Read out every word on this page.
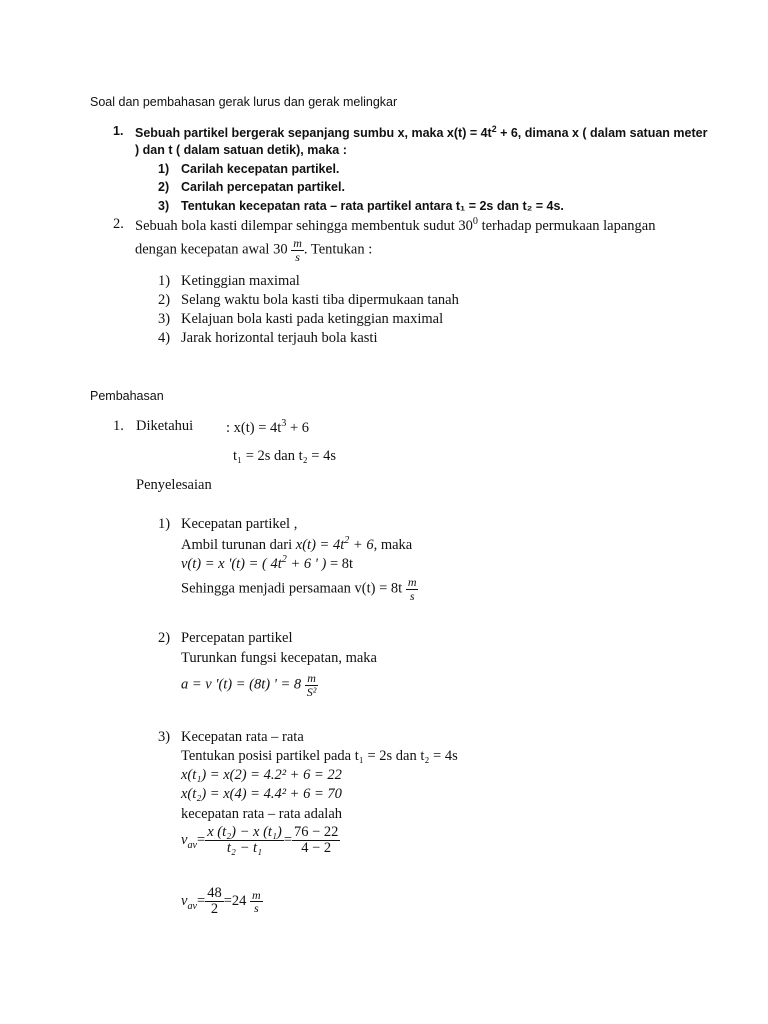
Soal dan pembahasan gerak lurus dan gerak melingkar
1. Sebuah partikel bergerak sepanjang sumbu x, maka $x(t) = 4t^2 + 6$, dimana x ( dalam satuan meter
) dan t ( dalam satuan detik), maka :
1) Carilah kecepatan partikel.
2) Carilah percepatan partikel.
3) Tentukan kecepatan rata – rata partikel antara t₁ = 2s dan t₂ = 4s.
2. Sebuah bola kasti dilempar sehingga membentuk sudut $30^0$ terhadap permukaan lapangan
dengan kecepatan awal $30 \frac{m}{s}$ . Tentukan :
1) Ketinggian maximal
2) Selang waktu bola kasti tiba dipermukaan tanah
3) Kelajuan bola kasti pada ketinggian maximal
4) Jarak horizontal terjauh bola kasti
Pembahasan
1. Diketahui : $x(t) = 4t^3 + 6$
t₁ = 2s dan t₂ = 4s
Penyelesaian
1) Kecepatan partikel ,
Ambil turunan dari $x(t) = 4t^2 + 6$, maka
v(t) = x '(t) = ( $4t^2 + 6$ ' ) = 8t
Sehingga menjadi persamaan $v(t) = 8t \frac{m}{s}$
2) Percepatan partikel
Turunkan fungsi kecepatan, maka
a = v '(t) = (8t) ' = $8 \frac{m}{\text{S²}}$
3) Kecepatan rata – rata
Tentukan posisi partikel pada t₁ = 2s dan t₂ = 4s
x(t₁) = x(2) = 4.2² + 6 = 22
x(t₂) = x(4) = 4.4² + 6 = 70
kecepatan rata – rata adalah
$v_{av}= \frac{\text{x (t₂) − x (t₁)}}{\text{t₂ − t₁}} = \frac{76 - 22}{4 - 2}$
$v_{av}= \frac{48}{2} =24 \frac{m}{s}$
